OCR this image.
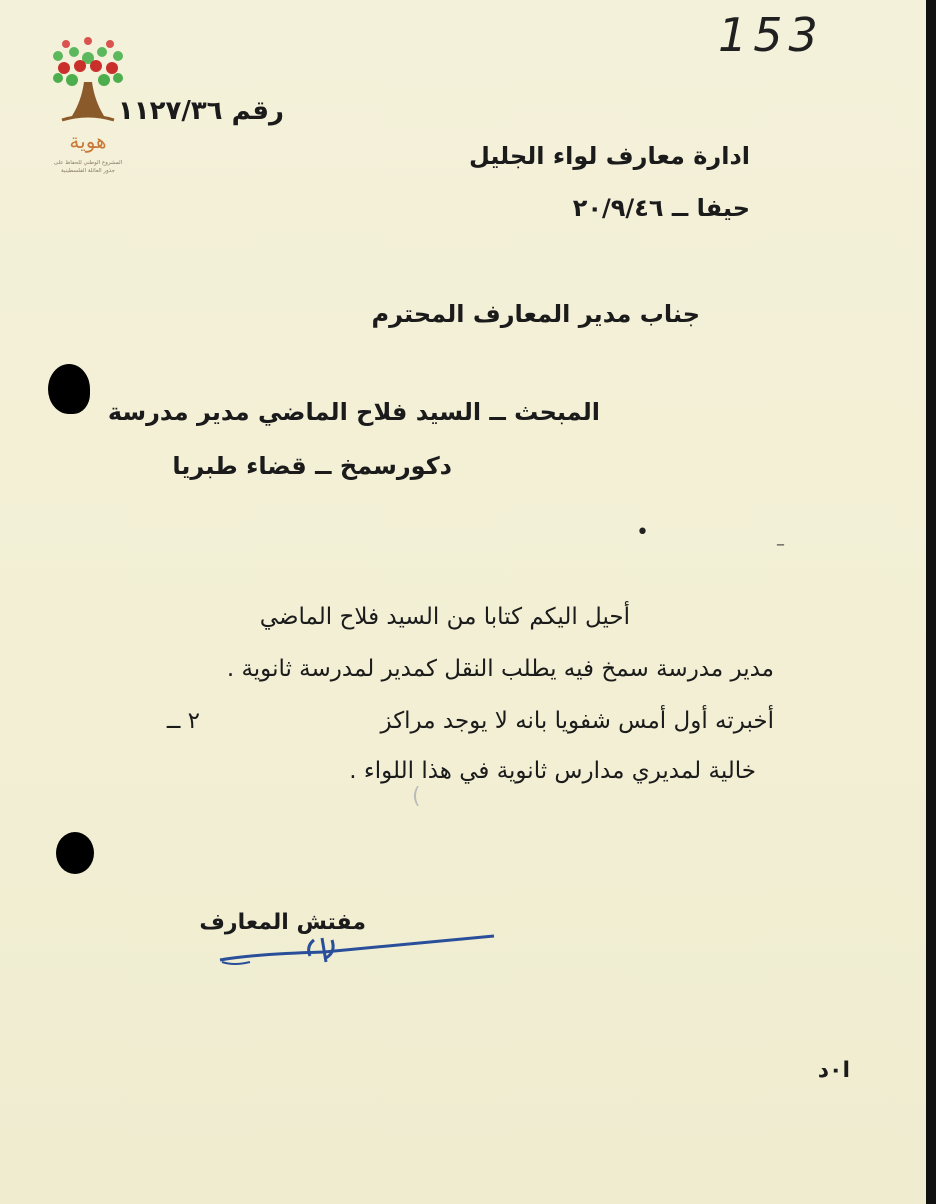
153
هوية
المشروع الوطني للحفاظ على
جذور العائلة الفلسطينية
رقم ١١٢٧/٣٦
ادارة معارف لواء الجليل
حيفا ــ ٢٠/٩/٤٦
جناب مدير المعارف المحترم
المبحث ــ السيد فلاح الماضي مدير مدرسة
دكورسمخ ــ قضاء طبريا
•	–
أحيل اليكم كتابا من السيد فلاح الماضي
مدير مدرسة سمخ فيه يطلب النقل كمدير لمدرسة ثانوية .
أخبرته أول أمس شفويا بانه لا يوجد مراكز
٢ ــ
خالية لمديري مدارس ثانوية في هذا اللواء .
(
مفتش المعارف
ا٠د
